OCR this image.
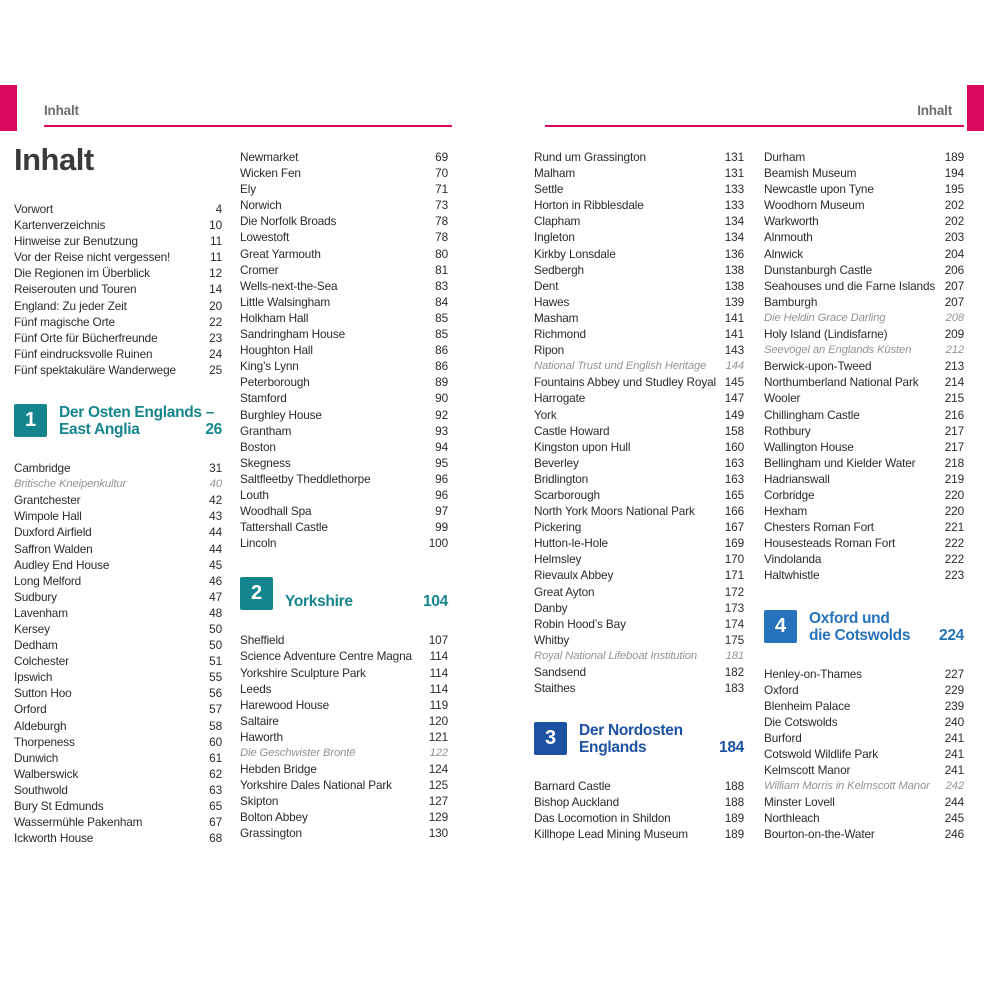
Inhalt	Inhalt
Inhalt
Vorwort	4
Kartenverzeichnis	10
Hinweise zur Benutzung	11
Vor der Reise nicht vergessen!	11
Die Regionen im Überblick	12
Reiserouten und Touren	14
England: Zu jeder Zeit	20
Fünf magische Orte	22
Fünf Orte für Bücherfreunde	23
Fünf eindrucksvolle Ruinen	24
Fünf spektakuläre Wanderwege	25
1	Der Osten Englands –
East Anglia	26
Cambridge	31
Britische Kneipenkultur	40
Grantchester	42
Wimpole Hall	43
Duxford Airfield	44
Saffron Walden	44
Audley End House	45
Long Melford	46
Sudbury	47
Lavenham	48
Kersey	50
Dedham	50
Colchester	51
Ipswich	55
Sutton Hoo	56
Orford	57
Aldeburgh	58
Thorpeness	60
Dunwich	61
Walberswick	62
Southwold	63
Bury St Edmunds	65
Wassermühle Pakenham	67
Ickworth House	68
Newmarket	69
Wicken Fen	70
Ely	71
Norwich	73
Die Norfolk Broads	78
Lowestoft	78
Great Yarmouth	80
Cromer	81
Wells-next-the-Sea	83
Little Walsingham	84
Holkham Hall	85
Sandringham House	85
Houghton Hall	86
King’s Lynn	86
Peterborough	89
Stamford	90
Burghley House	92
Grantham	93
Boston	94
Skegness	95
Saltfleetby Theddlethorpe	96
Louth	96
Woodhall Spa	97
Tattershall Castle	99
Lincoln	100
2	Yorkshire	104
Sheffield	107
Science Adventure Centre Magna	114
Yorkshire Sculpture Park	114
Leeds	114
Harewood House	119
Saltaire	120
Haworth	121
Die Geschwister Brontë	122
Hebden Bridge	124
Yorkshire Dales National Park	125
Skipton	127
Bolton Abbey	129
Grassington	130
Rund um Grassington	131
Malham	131
Settle	133
Horton in Ribblesdale	133
Clapham	134
Ingleton	134
Kirkby Lonsdale	136
Sedbergh	138
Dent	138
Hawes	139
Masham	141
Richmond	141
Ripon	143
National Trust und English Heritage	144
Fountains Abbey und Studley Royal 145
Harrogate	147
York	149
Castle Howard	158
Kingston upon Hull	160
Beverley	163
Bridlington	163
Scarborough	165
North York Moors National Park	166
Pickering	167
Hutton-le-Hole	169
Helmsley	170
Rievaulx Abbey	171
Great Ayton	172
Danby	173
Robin Hood’s Bay	174
Whitby	175
Royal National Lifeboat Institution	181
Sandsend	182
Staithes	183
3	Der Nordosten
Englands	184
Barnard Castle	188
Bishop Auckland	188
Das Locomotion in Shildon	189
Killhope Lead Mining Museum	189
Durham	189
Beamish Museum	194
Newcastle upon Tyne	195
Woodhorn Museum	202
Warkworth	202
Alnmouth	203
Alnwick	204
Dunstanburgh Castle	206
Seahouses und die Farne Islands 207
Bamburgh	207
Die Heldin Grace Darling	208
Holy Island (Lindisfarne)	209
Seevögel an Englands Küsten	212
Berwick-upon-Tweed	213
Northumberland National Park	214
Wooler	215
Chillingham Castle	216
Rothbury	217
Wallington House	217
Bellingham und Kielder Water	218
Hadrianswall	219
Corbridge	220
Hexham	220
Chesters Roman Fort	221
Housesteads Roman Fort	222
Vindolanda	222
Haltwhistle	223
4	Oxford und
die Cotswolds 224
Henley-on-Thames	227
Oxford	229
Blenheim Palace	239
Die Cotswolds	240
Burford	241
Cotswold Wildlife Park	241
Kelmscott Manor	241
William Morris in Kelmscott Manor	242
Minster Lovell	244
Northleach	245
Bourton-on-the-Water	246
